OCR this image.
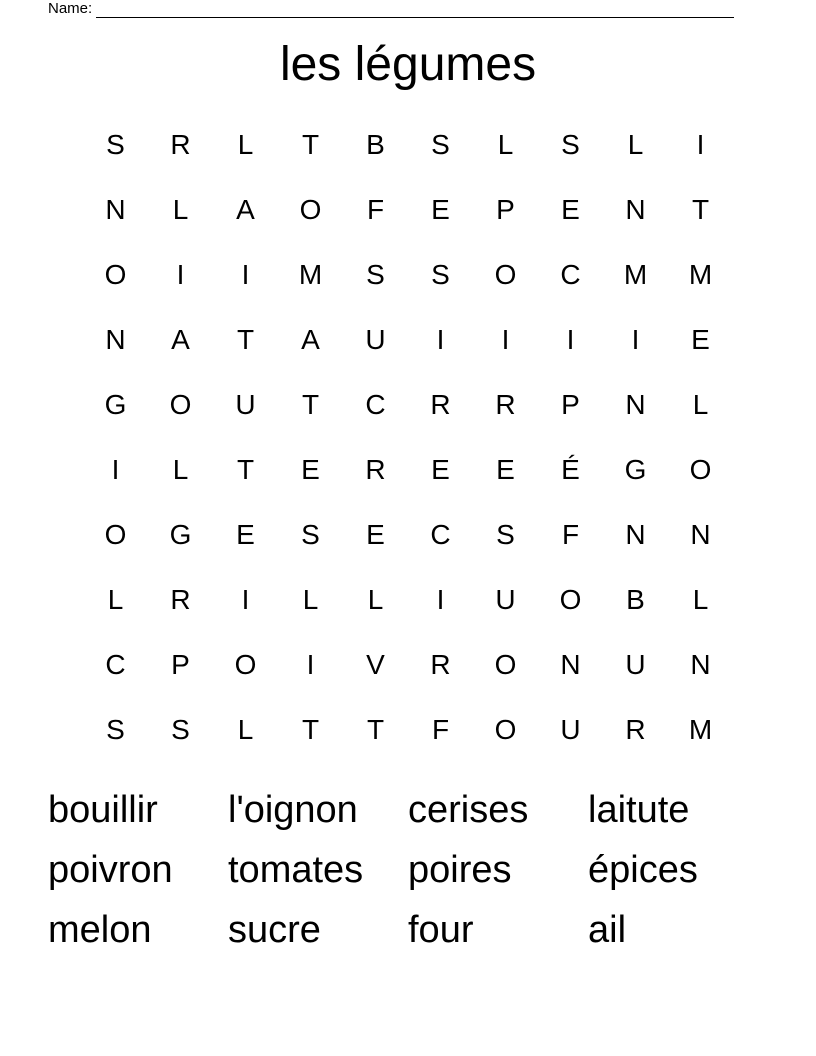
Name:
les légumes
S	R	L	T	B	S	L	S	L	I
N	L	A	O	F	E	P	E	N	T
O	I	I	M	S	S	O	C	M	M
N	A	T	A	U	I	I	I	I	E
G	O	U	T	C	R	R	P	N	L
I	L	T	E	R	E	E	É	G	O
O	G	E	S	E	C	S	F	N	N
L	R	I	L	L	I	U	O	B	L
C	P	O	I	V	R	O	N	U	N
S	S	L	T	T	F	O	U	R	M
bouillir	l'oignon	cerises	laitute
poivron	tomates	poires	épices
melon	sucre	four	ail
